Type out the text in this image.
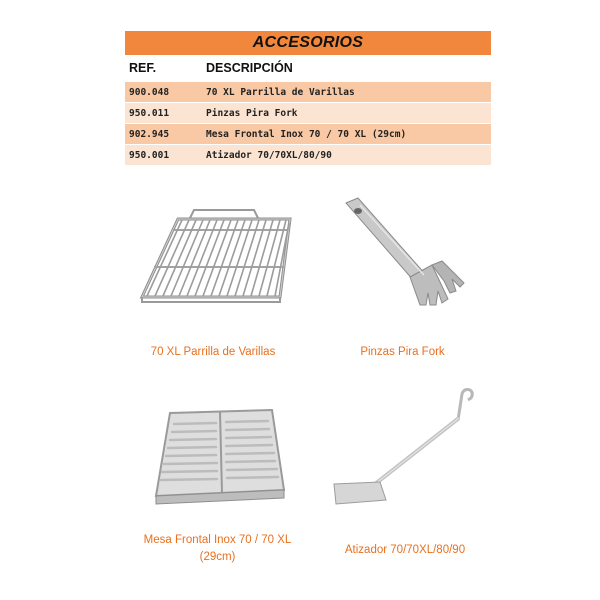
ACCESORIOS
REF.	DESCRIPCIÓN
900.048	70 XL Parrilla de Varillas
950.011	Pinzas Pira Fork
902.945	Mesa Frontal Inox 70 / 70 XL (29cm)
950.001	Atizador 70/70XL/80/90
70 XL Parrilla de Varillas	Pinzas Pira Fork
Mesa Frontal Inox 70 / 70 XL
(29cm)
Atizador 70/70XL/80/90
